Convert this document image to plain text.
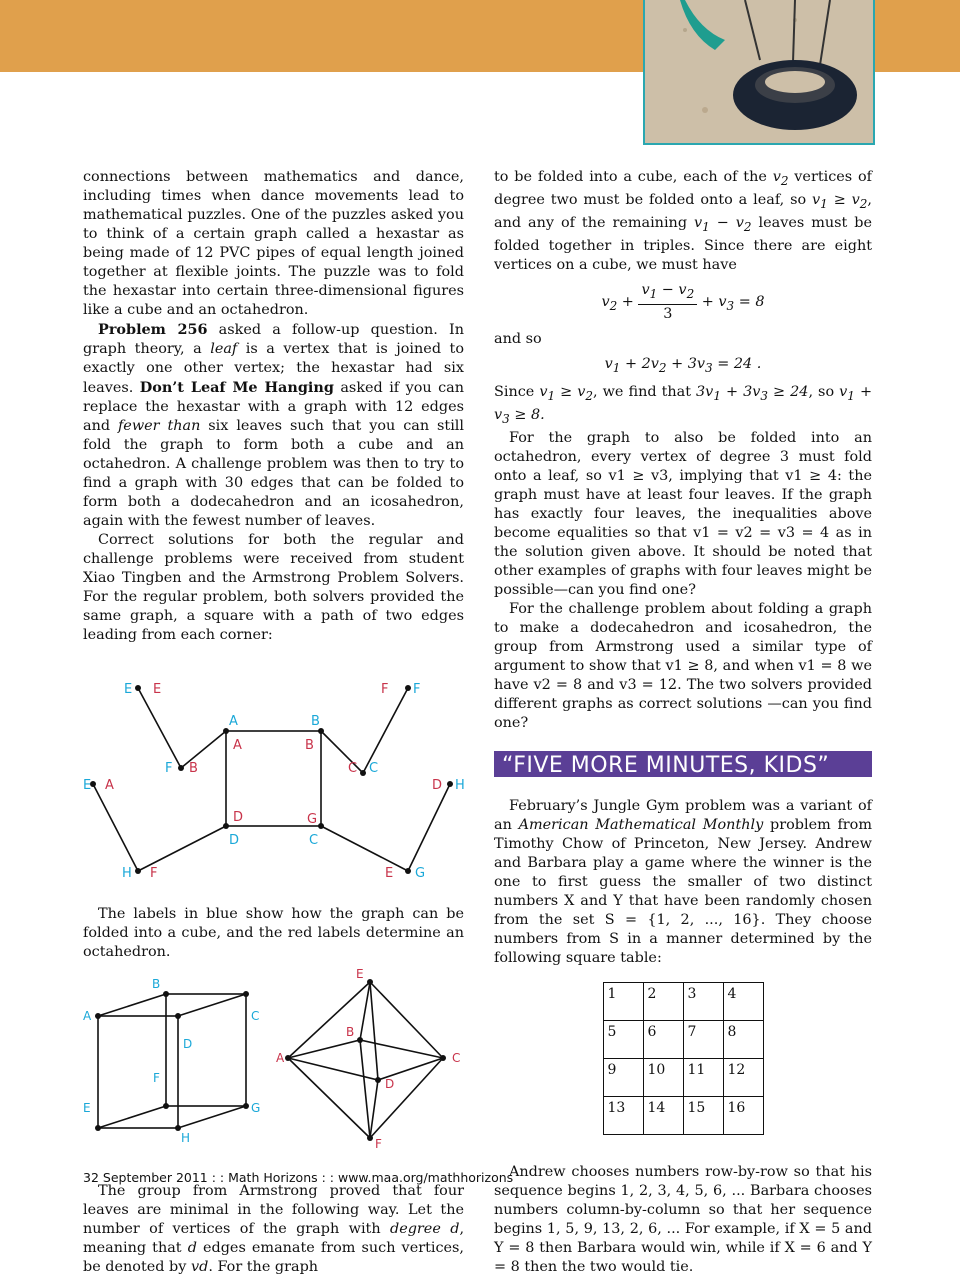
connections between mathematics and dance, including times when dance movements lead to mathematical puzzles. One of the puzzles asked you to think of a certain graph called a hexastar as being made of 12 PVC pipes of equal length joined together at flexible joints. The puzzle was to fold the hexastar into certain three-dimensional figures like a cube and an octahedron.

Problem 256 asked a follow-up question. In graph theory, a leaf is a vertex that is joined to exactly one other vertex; the hexastar had six leaves. Don’t Leaf Me Hanging asked if you can replace the hexastar with a graph with 12 edges and fewer than six leaves such that you can still fold the graph to form both a cube and an octahedron. A challenge problem was then to try to find a graph with 30 edges that can be folded to form both a dodecahedron and an icosahedron, again with the fewest number of leaves.

Correct solutions for both the regular and challenge problems were received from student Xiao Tingben and the Armstrong Problem Solvers. For the regular problem, both solvers provided the same graph, a square with a path of two edges leading from each corner:

E E	F F
A
A
B
B
F B	C C
E A	D H
D	G
D	C
H F	E G

The labels in blue show how the graph can be folded into a cube, and the red labels determine an octahedron.

B
A	C
D
F
E	G
H
E
B
A	C
D
F

The group from Armstrong proved that four leaves are minimal in the following way. Let the number of vertices of the graph with degree d, meaning that d edges emanate from such vertices, be denoted by vd. For the graph

to be folded into a cube, each of the $v_2$ vertices of degree two must be folded onto a leaf, so $v_1 \ge v_2$, and any of the remaining $v_1 - v_2$ leaves must be folded together in triples. Since there are eight vertices on a cube, we must have

$v_2 + \frac{v_1 - v_2}{3} + v_3 = 8$

and so

$v_1 + 2v_2 + 3v_3 = 24$ .

Since $v_1 \ge v_2$, we find that $3v_1 + 3v_3 \ge 24$, so $v_1 + v_3 \ge 8$.

For the graph to also be folded into an octahedron, every vertex of degree 3 must fold onto a leaf, so v1 ≥ v3, implying that v1 ≥ 4: the graph must have at least four leaves. If the graph has exactly four leaves, the inequalities above become equalities so that v1 = v2 = v3 = 4 as in the solution given above. It should be noted that other examples of graphs with four leaves might be possible—can you find one?

For the challenge problem about folding a graph to make a dodecahedron and icosahedron, the group from Armstrong used a similar type of argument to show that v1 ≥ 8, and when v1 = 8 we have v2 = 8 and v3 = 12. The two solvers provided different graphs as correct solutions —can you find one?

“FIVE MORE MINUTES, KIDS”

February’s Jungle Gym problem was a variant of an American Mathematical Monthly problem from Timothy Chow of Princeton, New Jersey. Andrew and Barbara play a game where the winner is the one to first guess the smaller of two distinct numbers X and Y that have been randomly chosen from the set S = {1, 2, ..., 16}. They choose numbers from S in a manner determined by the following square table:

1	2	3	4
5	6	7	8
9	10	11	12
13	14	15	16

Andrew chooses numbers row-by-row so that his sequence begins 1, 2, 3, 4, 5, 6, ... Barbara chooses numbers column-by-column so that her sequence begins 1, 5, 9, 13, 2, 6, ... For example, if X = 5 and Y = 8 then Barbara would win, while if X = 6 and Y = 8 then the two would tie.

32 September 2011 : : Math Horizons : : www.maa.org/mathhorizons
